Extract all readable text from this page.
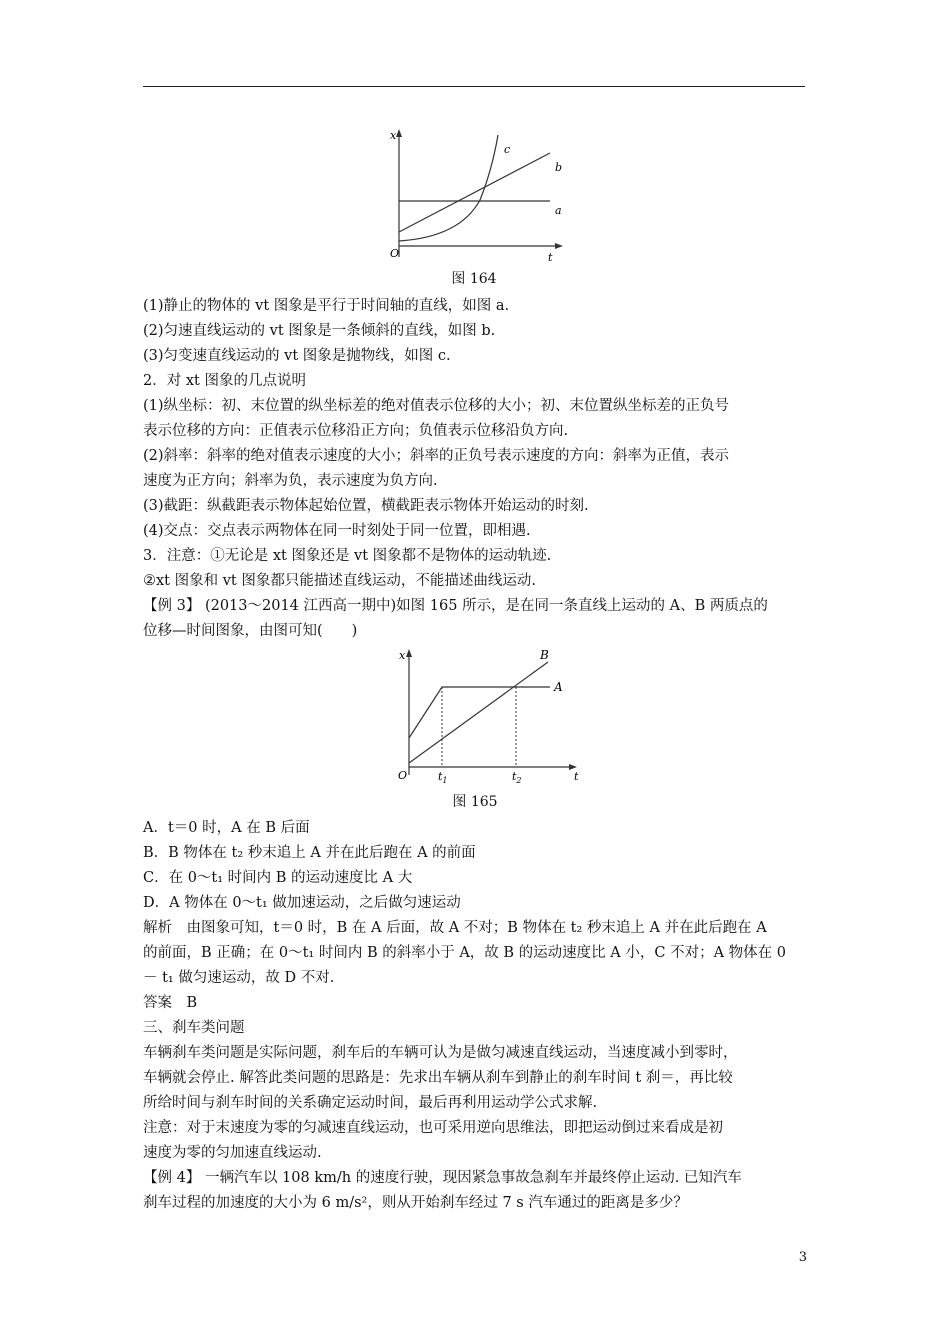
x
t
O
a
b
c
图 164
(1)静止的物体的 vt 图象是平行于时间轴的直线，如图 a.
(2)匀速直线运动的 vt 图象是一条倾斜的直线，如图 b.
(3)匀变速直线运动的 vt 图象是抛物线，如图 c.
2．对 xt 图象的几点说明
(1)纵坐标：初、末位置的纵坐标差的绝对值表示位移的大小；初、末位置纵坐标差的正负号
表示位移的方向：正值表示位移沿正方向；负值表示位移沿负方向.
(2)斜率：斜率的绝对值表示速度的大小；斜率的正负号表示速度的方向：斜率为正值，表示
速度为正方向；斜率为负，表示速度为负方向.
(3)截距：纵截距表示物体起始位置，横截距表示物体开始运动的时刻.
(4)交点：交点表示两物体在同一时刻处于同一位置，即相遇.
3．注意：①无论是 xt 图象还是 vt 图象都不是物体的运动轨迹.
②xt 图象和 vt 图象都只能描述直线运动，不能描述曲线运动.
【例 3】 (2013～2014 江西高一期中)如图 165 所示，是在同一条直线上运动的 A、B 两质点的
位移—时间图象，由图可知(　　)
x
t
O	$t_1$	$t_2$
A
B
图 165
A．t＝0 时，A 在 B 后面
B．B 物体在 t₂ 秒末追上 A 并在此后跑在 A 的前面
C．在 0～t₁ 时间内 B 的运动速度比 A 大
D．A 物体在 0～t₁ 做加速运动，之后做匀速运动
解析　由图象可知，t＝0 时，B 在 A 后面，故 A 不对；B 物体在 t₂ 秒末追上 A 并在此后跑在 A
的前面，B 正确；在 0～t₁ 时间内 B 的斜率小于 A，故 B 的运动速度比 A 小，C 不对；A 物体在 0
－ t₁ 做匀速运动，故 D 不对.
答案　B
三、刹车类问题
车辆刹车类问题是实际问题，刹车后的车辆可认为是做匀减速直线运动，当速度减小到零时，
车辆就会停止. 解答此类问题的思路是：先求出车辆从刹车到静止的刹车时间 t 刹＝，再比较
所给时间与刹车时间的关系确定运动时间，最后再利用运动学公式求解.
注意：对于末速度为零的匀减速直线运动，也可采用逆向思维法，即把运动倒过来看成是初
速度为零的匀加速直线运动.
【例 4】 一辆汽车以 108 km/h 的速度行驶，现因紧急事故急刹车并最终停止运动. 已知汽车
刹车过程的加速度的大小为 6 m/s²，则从开始刹车经过 7 s 汽车通过的距离是多少？
3
